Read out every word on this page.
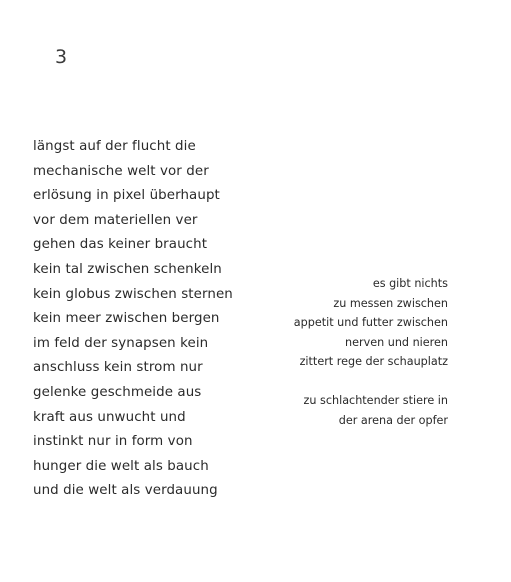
3
längst auf der flucht die
mechanische welt vor der
erlösung in pixel überhaupt
vor dem materiellen ver
gehen das keiner braucht
kein tal zwischen schenkeln
kein globus zwischen sternen
kein meer zwischen bergen
im feld der synapsen kein
anschluss kein strom nur
gelenke geschmeide aus
kraft aus unwucht und
instinkt nur in form von
hunger die welt als bauch
und die welt als verdauung
es gibt nichts
zu messen zwischen
appetit und futter zwischen
nerven und nieren
zittert rege der schauplatz
zu schlachtender stiere in
der arena der opfer
